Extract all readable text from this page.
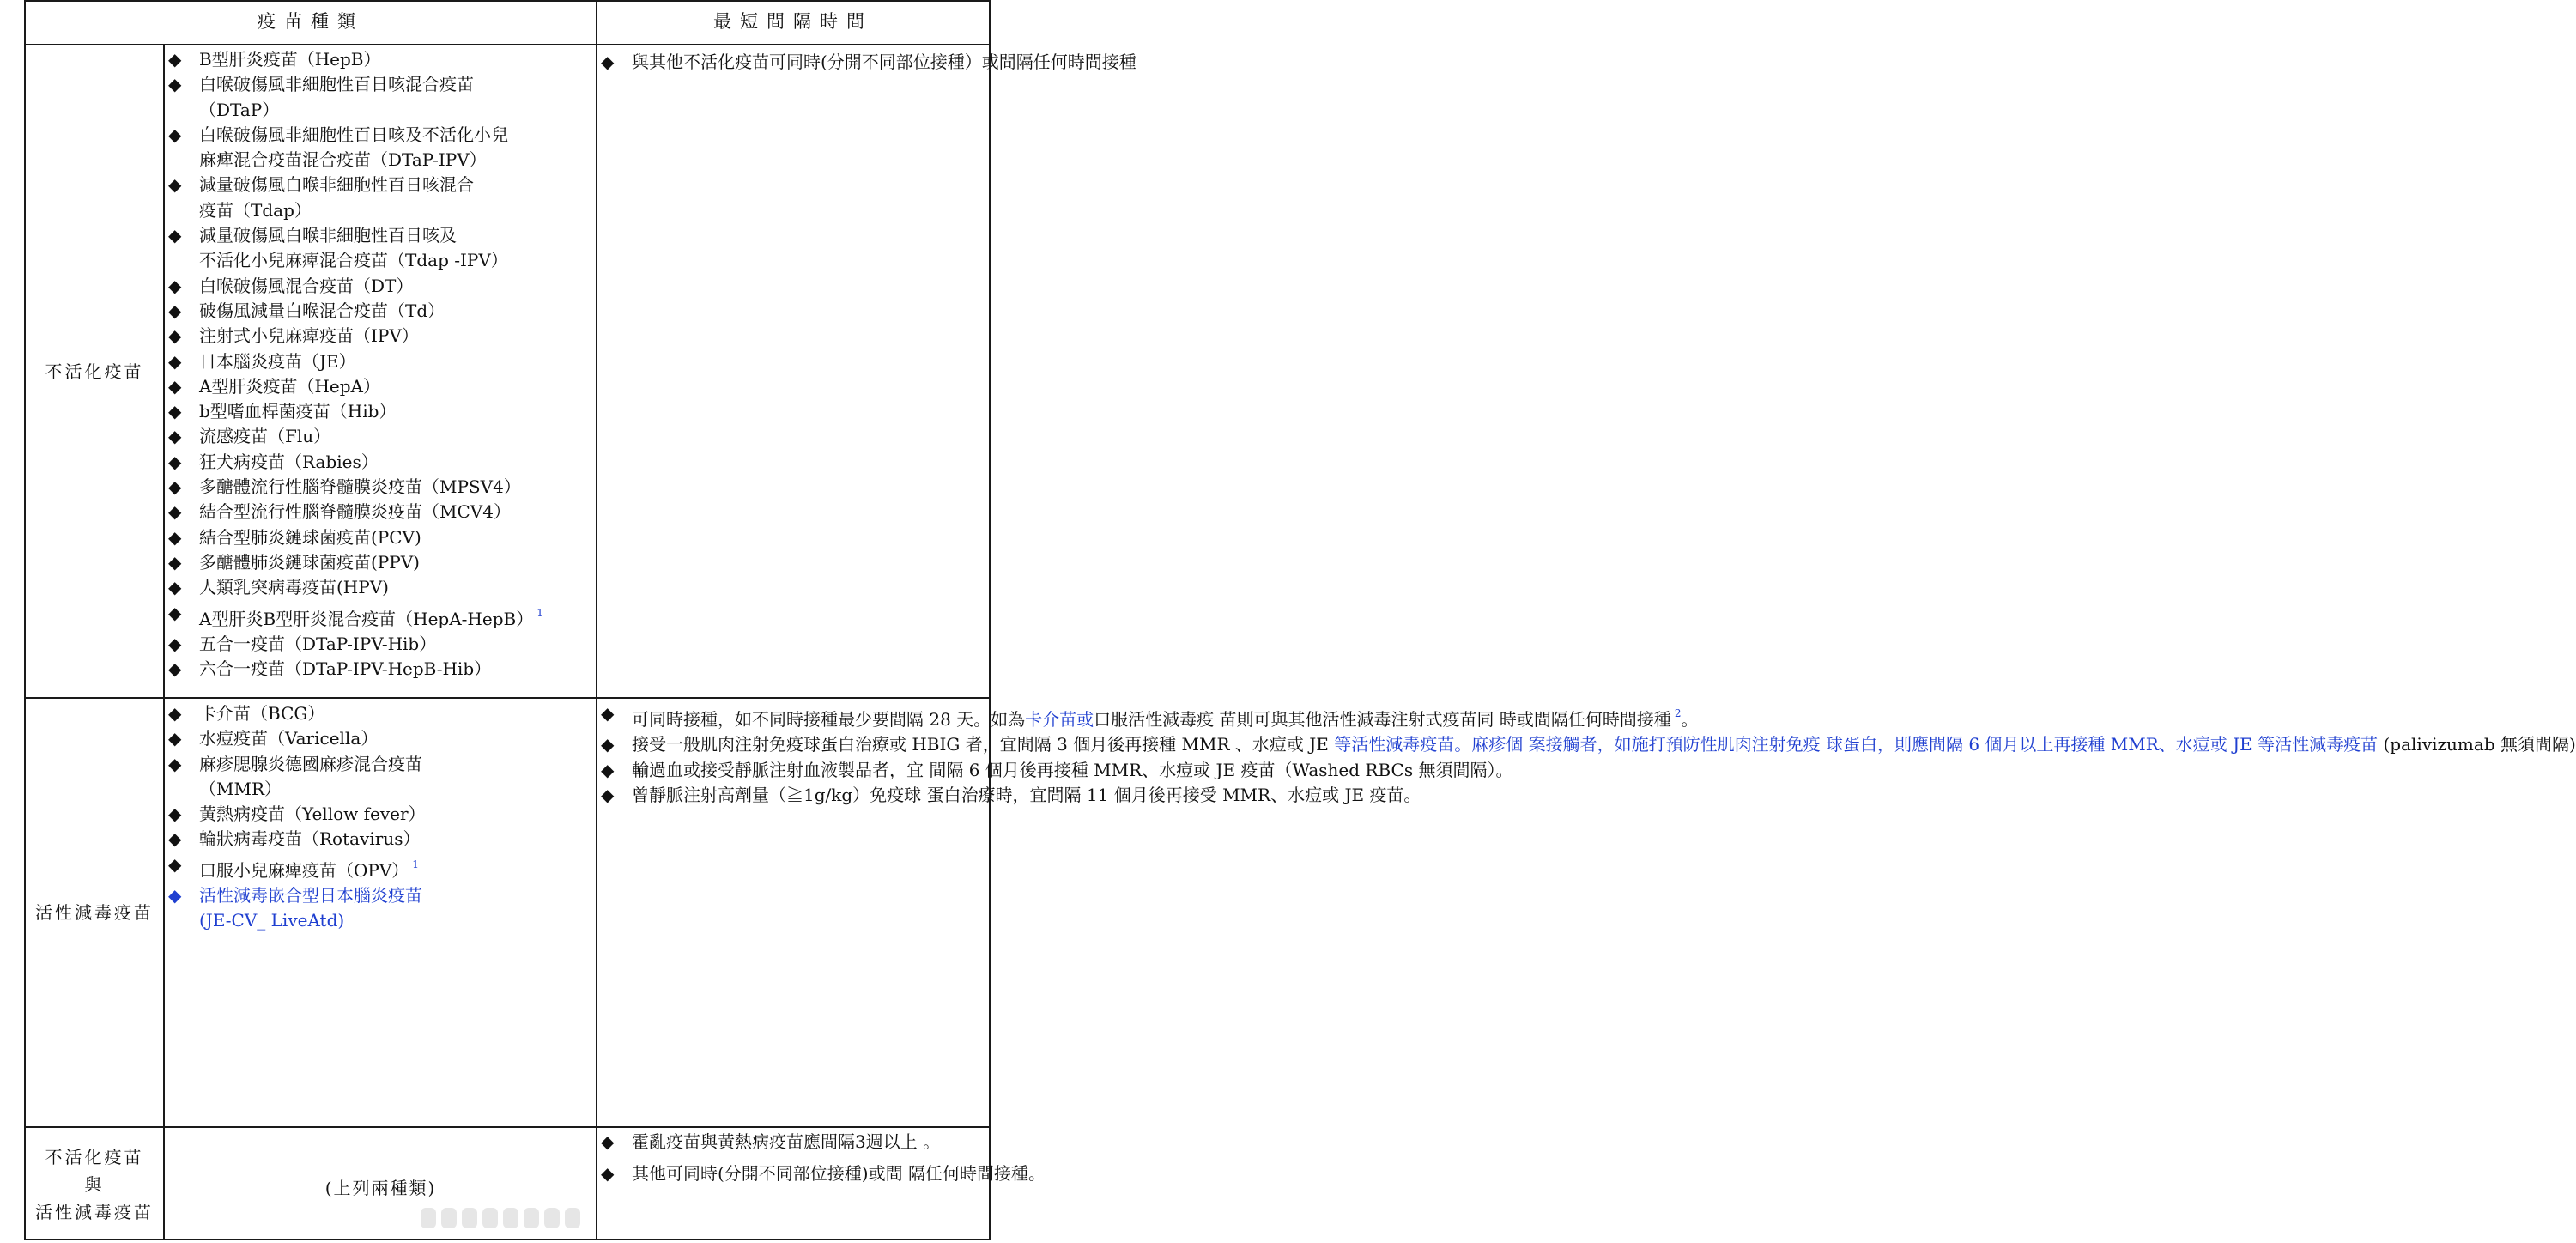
疫苗種類	最短間隔時間
不活化疫苗
活性減毒疫苗
不活化疫苗
與
活性減毒疫苗
◆ B型肝炎疫苗（HepB）
◆ 白喉破傷風非細胞性百日咳混合疫苗
（DTaP）
◆ 白喉破傷風非細胞性百日咳及不活化小兒
麻痺混合疫苗混合疫苗（DTaP-IPV）
◆ 減量破傷風白喉非細胞性百日咳混合
疫苗（Tdap）
◆ 減量破傷風白喉非細胞性百日咳及
不活化小兒麻痺混合疫苗（Tdap -IPV）
◆ 白喉破傷風混合疫苗（DT）
◆ 破傷風減量白喉混合疫苗（Td）
◆ 注射式小兒麻痺疫苗（IPV）
◆ 日本腦炎疫苗（JE）
◆ A型肝炎疫苗（HepA）
◆ b型嗜血桿菌疫苗（Hib）
◆ 流感疫苗（Flu）
◆ 狂犬病疫苗（Rabies）
◆ 多醣體流行性腦脊髓膜炎疫苗（MPSV4）
◆ 結合型流行性腦脊髓膜炎疫苗（MCV4）
◆ 結合型肺炎鏈球菌疫苗(PCV)
◆ 多醣體肺炎鏈球菌疫苗(PPV)
◆ 人類乳突病毒疫苗(HPV)
◆ A型肝炎B型肝炎混合疫苗（HepA-HepB） $^1$
◆ 五合一疫苗（DTaP-IPV-Hib）
◆ 六合一疫苗（DTaP-IPV-HepB-Hib）
◆ 與其他不活化疫苗可同時(分開不同部位接種）或間隔任何時間接種
◆ 卡介苗（BCG）
◆ 水痘疫苗（Varicella）
◆ 麻疹腮腺炎德國麻疹混合疫苗
（MMR）
◆ 黃熱病疫苗（Yellow fever）
◆ 輪狀病毒疫苗（Rotavirus）
◆ 口服小兒麻痺疫苗（OPV） $^1$
◆ 活性減毒嵌合型日本腦炎疫苗
(JE-CV_ LiveAtd)
◆ 可同時接種，如不同時接種最少要間隔 28 天。如為卡介苗或口服活性減毒疫 苗則可與其他活性減毒注射式疫苗同 時或間隔任何時間接種 $^2$。
◆ 接受一般肌肉注射免疫球蛋白治療或 HBIG 者，宜間隔 3 個月後再接種 MMR 、水痘或 JE 等活性減毒疫苗。麻疹個 案接觸者，如施打預防性肌肉注射免疫 球蛋白，則應間隔 6 個月以上再接種 MMR、水痘或 JE 等活性減毒疫苗 (palivizumab 無須間隔)
◆ 輸過血或接受靜脈注射血液製品者，宜 間隔 6 個月後再接種 MMR、水痘或 JE 疫苗（Washed RBCs 無須間隔）。
◆ 曾靜脈注射高劑量（≧1g/kg）免疫球 蛋白治療時，宜間隔 11 個月後再接受 MMR、水痘或 JE 疫苗。
(上列兩種類)
◆ 霍亂疫苗與黃熱病疫苗應間隔3週以上 。
◆ 其他可同時(分開不同部位接種)或間 隔任何時間接種。
